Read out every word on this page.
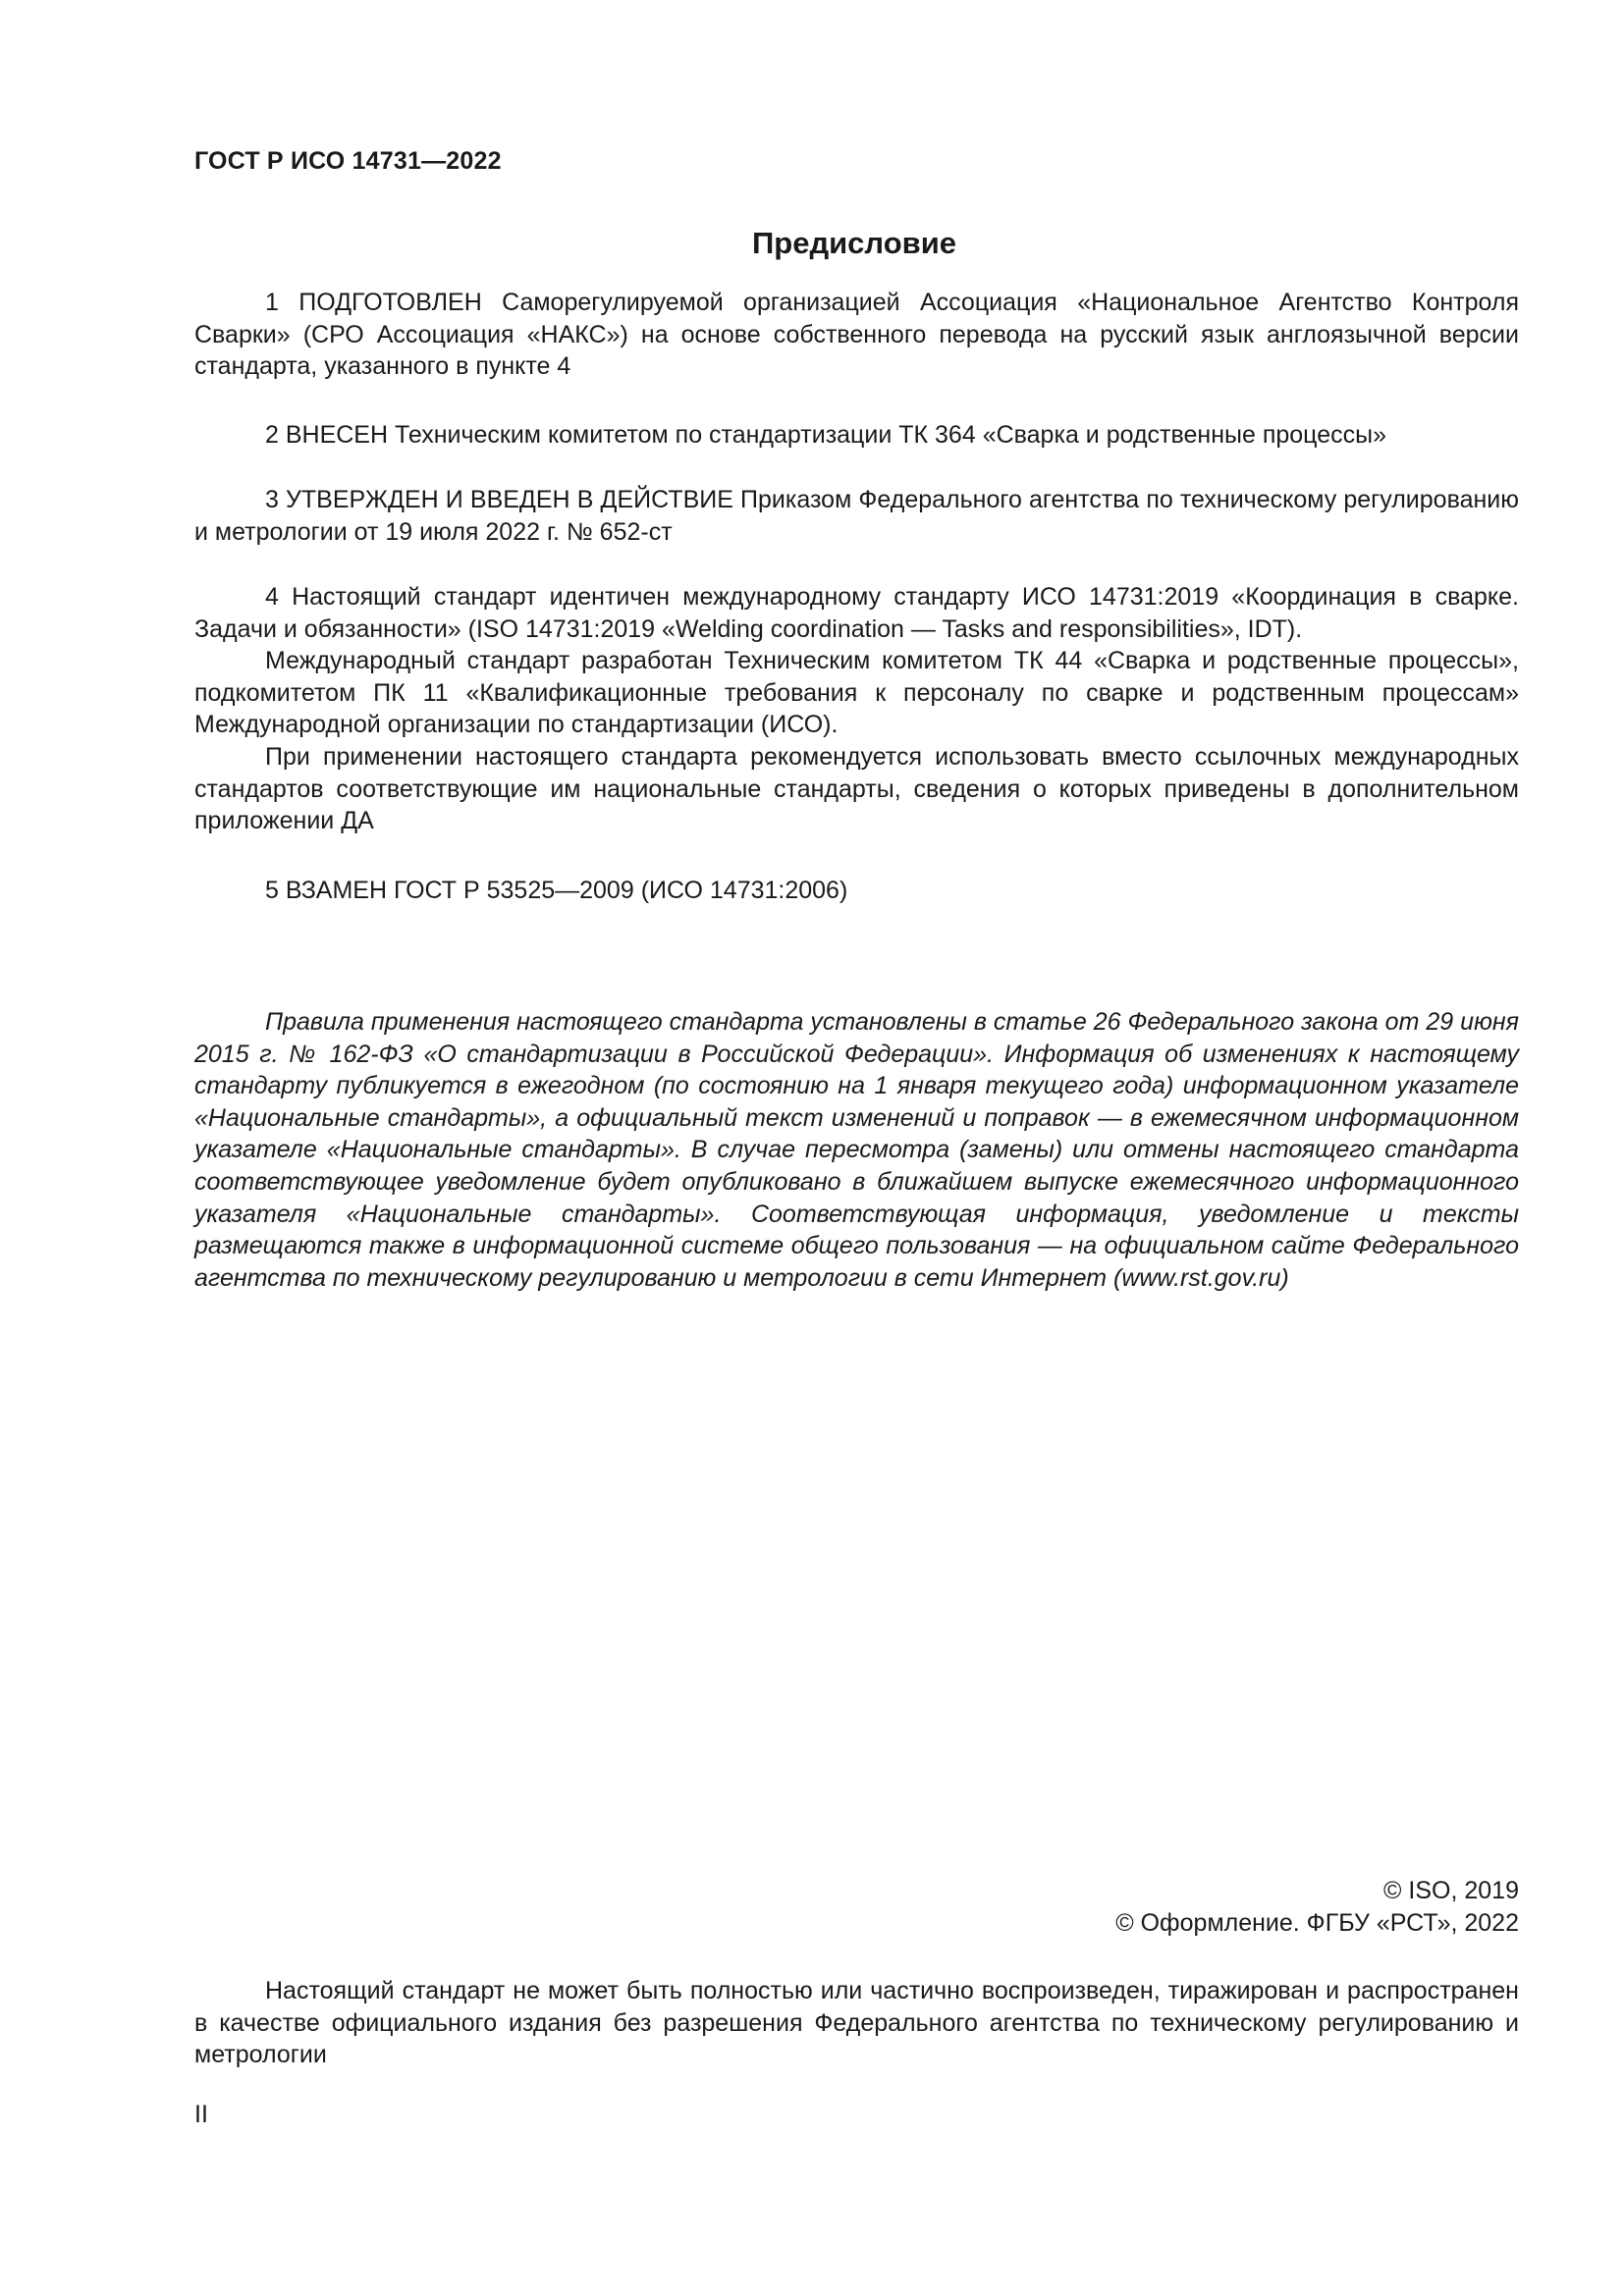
ГОСТ Р ИСО 14731—2022
Предисловие

1 ПОДГОТОВЛЕН Саморегулируемой организацией Ассоциация «Национальное Агентство Контроля Сварки» (СРО Ассоциация «НАКС») на основе собственного перевода на русский язык англоязычной версии стандарта, указанного в пункте 4

2 ВНЕСЕН Техническим комитетом по стандартизации ТК 364 «Сварка и родственные процессы»

3 УТВЕРЖДЕН И ВВЕДЕН В ДЕЙСТВИЕ Приказом Федерального агентства по техническому регулированию и метрологии от 19 июля 2022 г. № 652-ст

4 Настоящий стандарт идентичен международному стандарту ИСО 14731:2019 «Координация в сварке. Задачи и обязанности» (ISO 14731:2019 «Welding coordination — Tasks and responsibilities», IDT).

Международный стандарт разработан Техническим комитетом ТК 44 «Сварка и родственные процессы», подкомитетом ПК 11 «Квалификационные требования к персоналу по сварке и родственным процессам» Международной организации по стандартизации (ИСО).

При применении настоящего стандарта рекомендуется использовать вместо ссылочных международных стандартов соответствующие им национальные стандарты, сведения о которых приведены в дополнительном приложении ДА

5 ВЗАМЕН ГОСТ Р 53525—2009 (ИСО 14731:2006)

Правила применения настоящего стандарта установлены в статье 26 Федерального закона от 29 июня 2015 г. № 162-ФЗ «О стандартизации в Российской Федерации». Информация об изменениях к настоящему стандарту публикуется в ежегодном (по состоянию на 1 января текущего года) информационном указателе «Национальные стандарты», а официальный текст изменений и поправок — в ежемесячном информационном указателе «Национальные стандарты». В случае пересмотра (замены) или отмены настоящего стандарта соответствующее уведомление будет опубликовано в ближайшем выпуске ежемесячного информационного указателя «Национальные стандарты». Соответствующая информация, уведомление и тексты размещаются также в информационной системе общего пользования — на официальном сайте Федерального агентства по техническому регулированию и метрологии в сети Интернет (www.rst.gov.ru)

© ISO, 2019
© Оформление. ФГБУ «РСТ», 2022

Настоящий стандарт не может быть полностью или частично воспроизведен, тиражирован и распространен в качестве официального издания без разрешения Федерального агентства по техническому регулированию и метрологии

II
